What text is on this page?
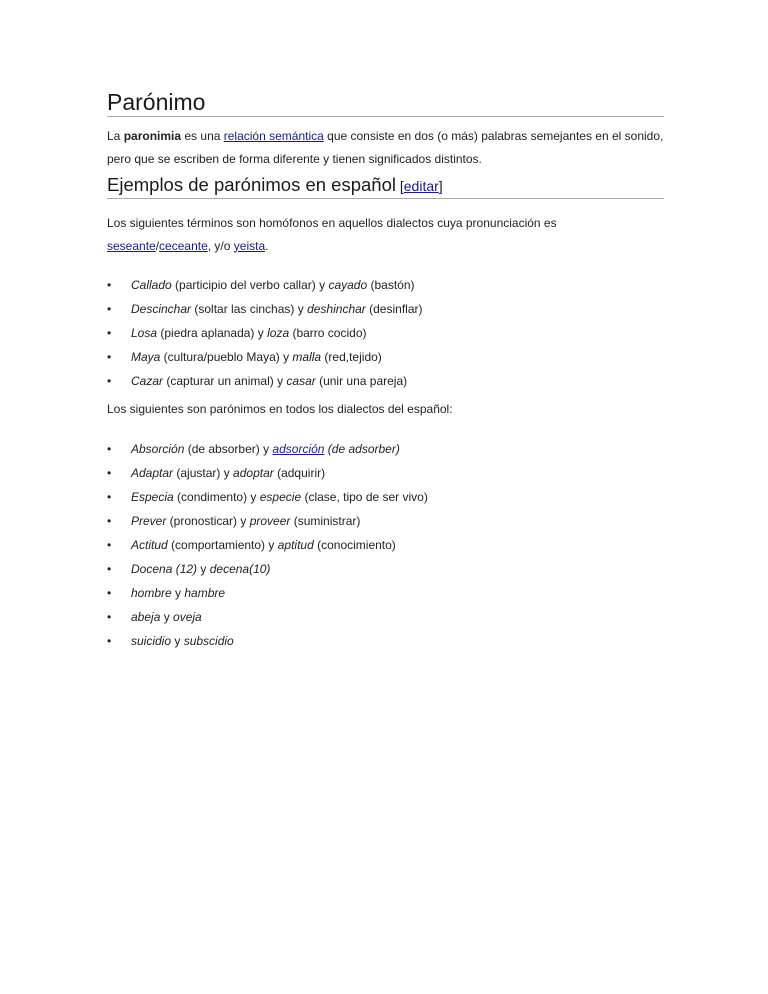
Parónimo

La paronimia es una relación semántica que consiste en dos (o más) palabras semejantes en el sonido, pero que se escriben de forma diferente y tienen significados distintos.

Ejemplos de parónimos en español [editar]

Los siguientes términos son homófonos en aquellos dialectos cuya pronunciación es seseante/ceceante, y/o yeista.

• Callado (participio del verbo callar) y cayado (bastón)
• Descinchar (soltar las cinchas) y deshinchar (desinflar)
• Losa (piedra aplanada) y loza (barro cocido)
• Maya (cultura/pueblo Maya) y malla (red,tejido)
• Cazar (capturar un animal) y casar (unir una pareja)

Los siguientes son parónimos en todos los dialectos del español:

• Absorción (de absorber) y adsorción (de adsorber)
• Adaptar (ajustar) y adoptar (adquirir)
• Especia (condimento) y especie (clase, tipo de ser vivo)
• Prever (pronosticar) y proveer (suministrar)
• Actitud (comportamiento) y aptitud (conocimiento)
• Docena (12) y decena(10)
• hombre y hambre
• abeja y oveja
• suicidio y subscidio
